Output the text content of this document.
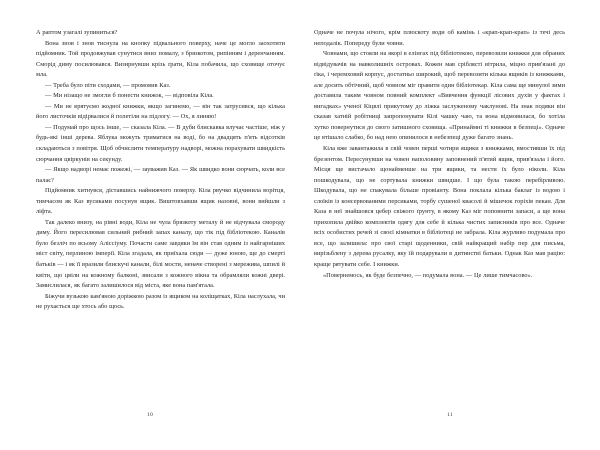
А раптом узагалі зупиниться?

Вона знов і знов тиснула на кнопку підвального поверху, наче це могло заохотити підйомник. Той продовжував сунутися вниз помалу, з брязкотом, рипінням і деренчанням. Сморід диму посилювався. Визирнувши крізь ґрати, Кіла побачила, що сховище оточує мла.

— Треба було піти сходами, — промовив Каз.

— Ми нізащо не змогли б понести книжок, — відповіла Кіла.

— Ми не врятуємо жодної книжки, якщо загинемо, — він так затрусився, що кілька його листочків відірвалися й полетіли на підлогу. — Ох, я линяю!

— Подумай про щось інше, — сказала Кіла. — В дуби блискавка влучає частіше, ніж у будь-які інші дерева. Яблука можуть триматися на воді, бо на двадцять п'ять відсотків складаються з повітря. Щоб обчислити температуру надворі, можна порахувати швидкість сюрчання цвіркунів на секунду.

— Якщо надворі немає пожежі, — зауважив Каз. — Як швидко вони сюрчать, коли все палає?

Підйомник хитнувся, діставшись найнижчого поверху. Кіла рвучко відчинила ворітця, тимчасом як Каз вусиками посунув ящик. Виштовхавши ящик назовні, вони вийшли з ліфта.

Так далеко внизу, на рівні води, Кіла не чула брязкоту металу й не відчувала смороду диму. Його пересилював сильний рибний запах каналу, що тік під бібліотекою. Каналів було безліч по всьому Аліссіуму. Почасти саме завдяки їм він став одним із найгарніших міст світу, перлиною імперії. Кіла згадала, як приїхала сюди — дуже юною, ще до смерті батьків — і як її вразили блискучі канали, білі мости, неначе створені з мережива, шпилі й квіти, що цвіли на кожному балконі, звисали з кожного вікна та обрамляли кожні двері. Замислилася, як багато залишилося від міста, яке вона пам'ятала.

Біжучи вузькою кам'яною доріжкою разом із ящиком на коліщатках, Кіла наслухала, чи не рухається ще хтось або щось.

10

Одначе не почула нічого, крім плюскоту води об камінь і «крап-крап-крап» із течі десь неподалік. Попереду були човни.

Човнами, що стояли на якорі в елінгах під бібліотекою, перевозили книжки для обраних відвідувачів на навколишніх островах. Кожен мав сріблясті вітрила, міцно прив'язані до ґіка, і черемховий корпус, достатньо широкий, щоб перевозити кілька ящиків із книжками, але досить обтічний, щоб човном міг правити один бібліотекар. Кіла сама ще минулої зими доставила таким човном повний комплект «Вивчення функції лісових духів у фактах і вигадках» ученої Кіцвлі прикутому до ліжка заслуженому чаклунові. На знак подяки він сказав хатній робітниці запропонувати Кілі чашку чаю, та вона відмовилася, бо хотіла хутко повернутися до свого затишного сховища. «Принаймні ті книжки в безпеці». Одначе це втішало слабко, бо над нею опинилося в небезпеці дуже багато знань.

Кіла вже завантажила в свій човен перші чотири ящики з книжками, вмостивши їх під брезентом. Пересунувши на човен наполовину заповнений п'ятий ящик, прив'язала і його. Місця ще вистачало щонайменше на три ящики, та нести їх було ніколи. Кіла пошкодувала, що не сортувала книжки швидше. І що була такою перебірливою. Шкодувала, що не спакувала більше провіанту. Вона поклала кілька баклаг із водою і слоїків із консервованими персиками, торбу сушеної квасолі й мішечок горіхів пекан. Для Каза в неї знайшовся цебер свіжого ґрунту, в якому Каз міг поповнити запаси, а ще вона прихопила двійко комплектів одягу для себе й кілька чистих записників про все. Одначе всіх особистих речей зі своєї кімнатки в бібліотеці не забрала. Кіла журливо подумала про все, що залишила: про свої старі щоденники, свій найкращий набір пер для письма, вирізьблену з дерева русалку, яку їй подарували в дитинстві батьки. Однак Каз мав рацію: краще рятувати себе. І книжки.

«Повернемось, як буде безпечно, — подумала вона. — Це лише тимчасово».

11
